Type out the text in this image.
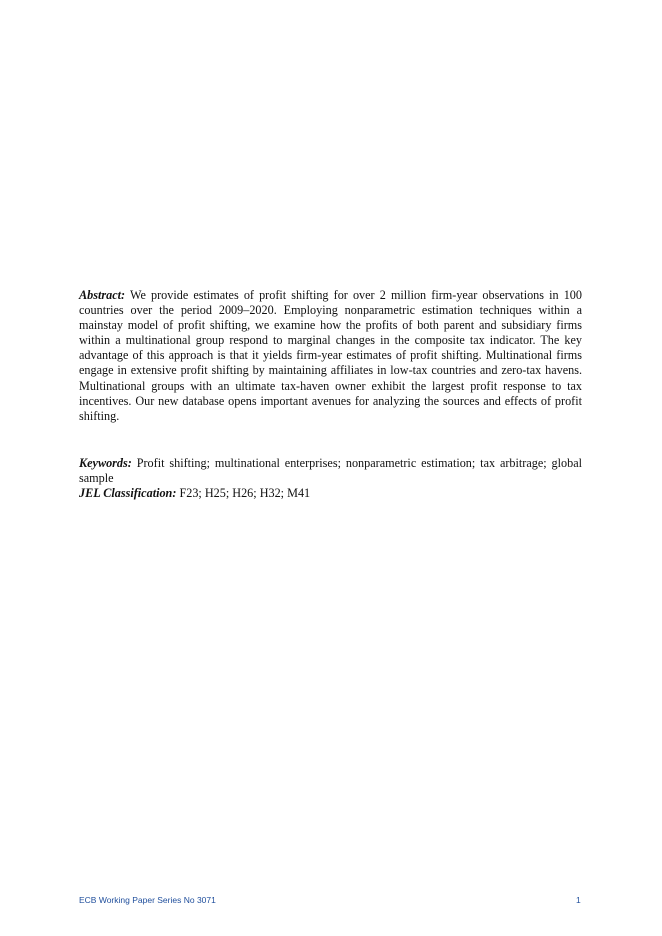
Abstract: We provide estimates of profit shifting for over 2 million firm-year observations in 100 countries over the period 2009–2020. Employing nonparametric estimation techniques within a mainstay model of profit shifting, we examine how the profits of both parent and subsidiary firms within a multinational group respond to marginal changes in the composite tax indicator. The key advantage of this approach is that it yields firm-year estimates of profit shifting. Multinational firms engage in extensive profit shifting by maintaining affiliates in low-tax countries and zero-tax havens. Multinational groups with an ultimate tax-haven owner exhibit the largest profit response to tax incentives. Our new database opens important avenues for analyzing the sources and effects of profit shifting.

Keywords: Profit shifting; multinational enterprises; nonparametric estimation; tax arbitrage; global sample

JEL Classification: F23; H25; H26; H32; M41

ECB Working Paper Series No 3071	1
